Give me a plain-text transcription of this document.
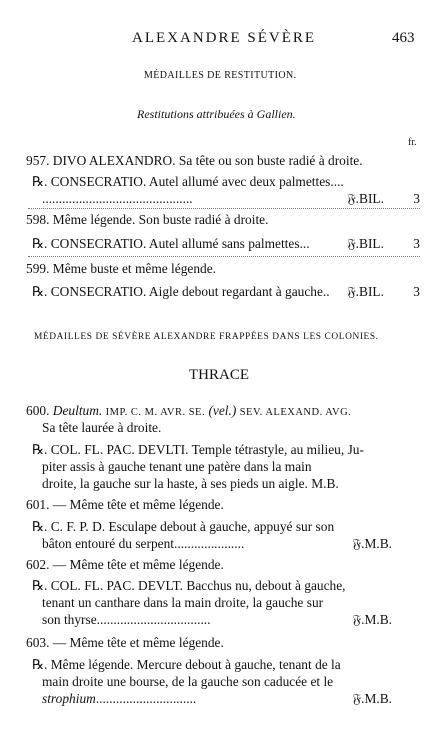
ALEXANDRE SÉVÈRE	463
MÉDAILLES DE RESTITUTION.
Restitutions attribuées à Gallien.
fr.
957. DIVO ALEXANDRO. Sa tête ou son buste radié à droite.
℞. CONSECRATIO. Autel allumé avec deux palmettes....
.............................................	𝔉.BIL. 3
598. Même légende. Son buste radié à droite.
℞. CONSECRATIO. Autel allumé sans palmettes...	𝔉.BIL. 3
599. Même buste et même légende.
℞. CONSECRATIO. Aigle debout regardant à gauche.. 𝔉.BIL. 3
MÉDAILLES DE SÉVÈRE ALEXANDRE FRAPPÉES DANS LES COLONIES.
THRACE
600. Deultum. IMP. C. M. AVR. SE. (vel.) SEV. ALEXAND. AVG.
Sa tête laurée à droite.
℞. COL. FL. PAC. DEVLTI. Temple tétrastyle, au milieu, Ju-
piter assis à gauche tenant une patère dans la main
droite, la gauche sur la haste, à ses pieds un aigle. M.B.
601. — Même tête et même légende.
℞. C. F. P. D. Esculape debout à gauche, appuyé sur son
bâton entouré du serpent.....................	𝔉.M.B.
602. — Même tête et même légende.
℞. COL. FL. PAC. DEVLT. Bacchus nu, debout à gauche,
tenant un canthare dans la main droite, la gauche sur
son thyrse..................................	𝔉.M.B.
603. — Même tête et même légende.
℞. Même légende. Mercure debout à gauche, tenant de la
main droite une bourse, de la gauche son caducée et le
strophium..............................	𝔉.M.B.
